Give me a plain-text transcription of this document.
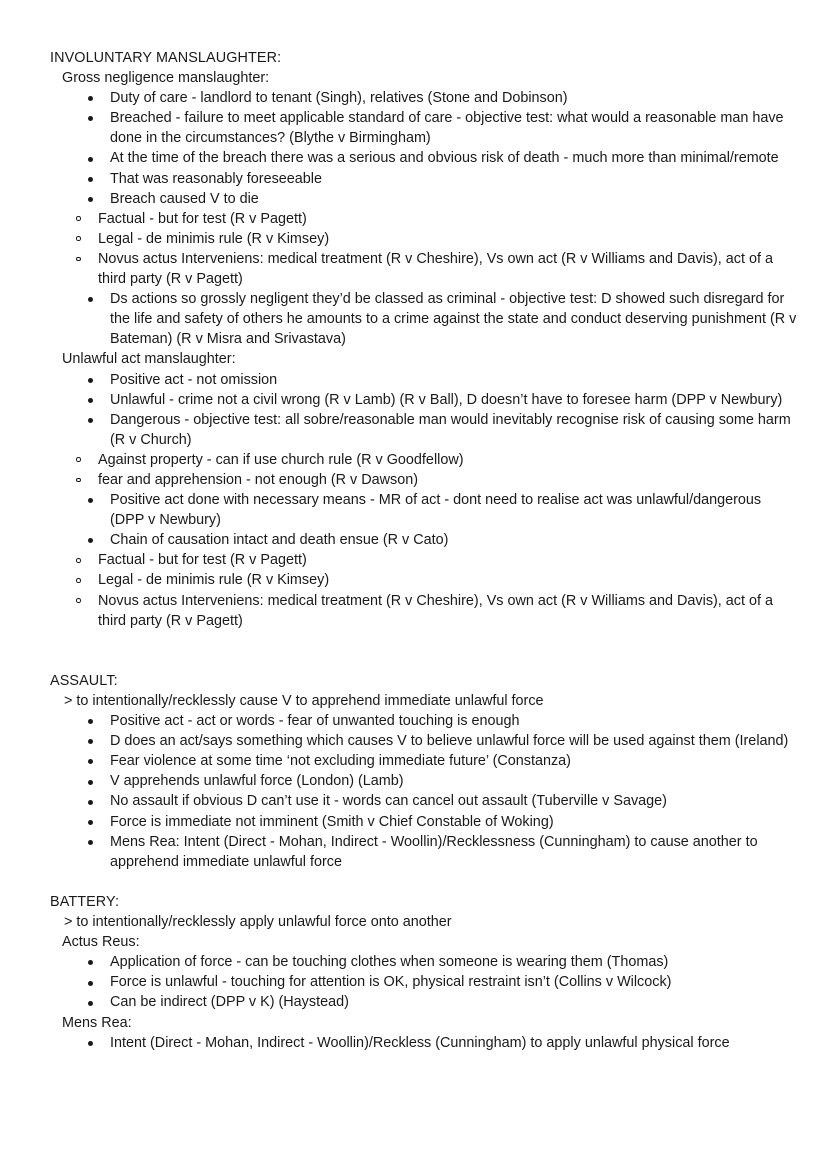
INVOLUNTARY MANSLAUGHTER:
Gross negligence manslaughter:
Duty of care - landlord to tenant (Singh), relatives (Stone and Dobinson)
Breached - failure to meet applicable standard of care - objective test: what would a reasonable man have done in the circumstances? (Blythe v Birmingham)
At the time of the breach there was a serious and obvious risk of death - much more than minimal/remote
That was reasonably foreseeable
Breach caused V to die
Factual - but for test (R v Pagett)
Legal - de minimis rule (R v Kimsey)
Novus actus Interveniens: medical treatment (R v Cheshire), Vs own act (R v Williams and Davis), act of a third party (R v Pagett)
Ds actions so grossly negligent they’d be classed as criminal - objective test: D showed such disregard for the life and safety of others he amounts to a crime against the state and conduct deserving punishment (R v Bateman) (R v Misra and Srivastava)
Unlawful act manslaughter:
Positive act - not omission
Unlawful - crime not a civil wrong (R v Lamb) (R v Ball), D doesn’t have to foresee harm (DPP v Newbury)
Dangerous - objective test: all sobre/reasonable man would inevitably recognise risk of causing some harm (R v Church)
Against property - can if use church rule (R v Goodfellow)
fear and apprehension - not enough (R v Dawson)
Positive act done with necessary means - MR of act - dont need to realise act was unlawful/dangerous (DPP v Newbury)
Chain of causation intact and death ensue (R v Cato)
Factual - but for test (R v Pagett)
Legal - de minimis rule (R v Kimsey)
Novus actus Interveniens: medical treatment (R v Cheshire), Vs own act (R v Williams and Davis), act of a third party (R v Pagett)
ASSAULT:
> to intentionally/recklessly cause V to apprehend immediate unlawful force
Positive act - act or words - fear of unwanted touching is enough
D does an act/says something which causes V to believe unlawful force will be used against them (Ireland)
Fear violence at some time ‘not excluding immediate future’ (Constanza)
V apprehends unlawful force (London) (Lamb)
No assault if obvious D can’t use it - words can cancel out assault (Tuberville v Savage)
Force is immediate not imminent (Smith v Chief Constable of Woking)
Mens Rea: Intent (Direct - Mohan, Indirect - Woollin)/Recklessness (Cunningham) to cause another to apprehend immediate unlawful force
BATTERY:
> to intentionally/recklessly apply unlawful force onto another
Actus Reus:
Application of force - can be touching clothes when someone is wearing them (Thomas)
Force is unlawful - touching for attention is OK, physical restraint isn’t (Collins v Wilcock)
Can be indirect (DPP v K) (Haystead)
Mens Rea:
Intent (Direct - Mohan, Indirect - Woollin)/Reckless (Cunningham) to apply unlawful physical force
